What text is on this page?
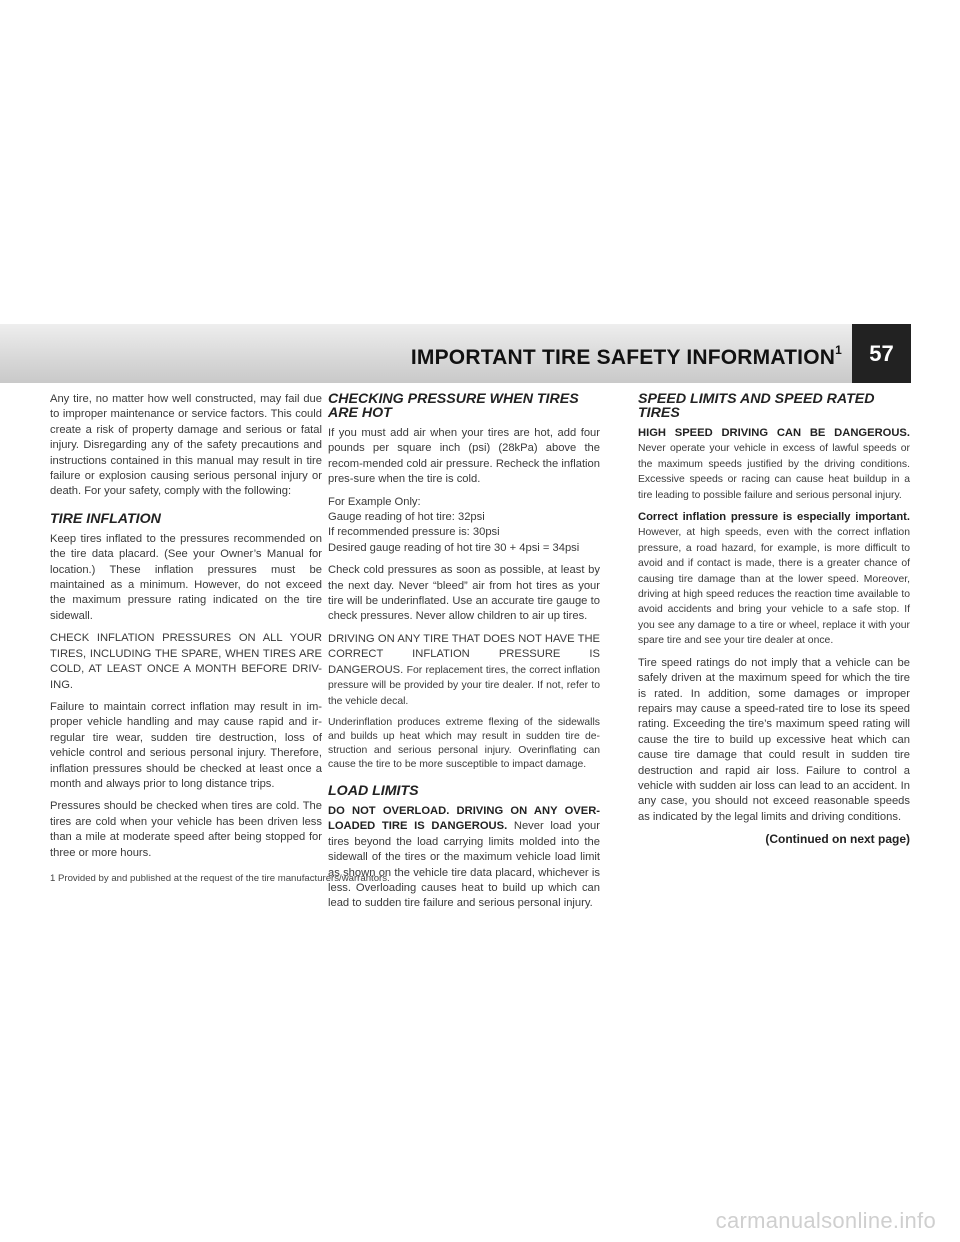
IMPORTANT TIRE SAFETY INFORMATION$^1$	57

Any tire, no matter how well constructed, may fail due to improper maintenance or service factors. This could create a risk of property damage and serious or fatal injury. Disregarding any of the safety precautions and instructions contained in this manual may result in tire failure or explosion causing serious personal injury or death. For your safety, comply with the following:

TIRE INFLATION

Keep tires inflated to the pressures recommended on the tire data placard. (See your Owner’s Manual for location.) These inflation pressures must be maintained as a minimum. However, do not exceed the maximum pressure rating indicated on the tire sidewall.

CHECK INFLATION PRESSURES ON ALL YOUR TIRES, INCLUDING THE SPARE, WHEN TIRES ARE COLD, AT LEAST ONCE A MONTH BEFORE DRIV-ING.

Failure to maintain correct inflation may result in im-proper vehicle handling and may cause rapid and ir-regular tire wear, sudden tire destruction, loss of vehicle control and serious personal injury. Therefore, inflation pressures should be checked at least once a month and always prior to long distance trips.

Pressures should be checked when tires are cold. The tires are cold when your vehicle has been driven less than a mile at moderate speed after being stopped for three or more hours.

CHECKING PRESSURE WHEN TIRES ARE HOT

If you must add air when your tires are hot, add four pounds per square inch (psi) (28kPa) above the recom-mended cold air pressure. Recheck the inflation pres-sure when the tire is cold.

For Example Only:
Gauge reading of hot tire: 32psi
If recommended pressure is: 30psi
Desired gauge reading of hot tire 30 + 4psi = 34psi

Check cold pressures as soon as possible, at least by the next day. Never “bleed” air from hot tires as your tire will be underinflated. Use an accurate tire gauge to check pressures. Never allow children to air up tires.

DRIVING ON ANY TIRE THAT DOES NOT HAVE THE CORRECT INFLATION PRESSURE IS DANGEROUS. For replacement tires, the correct inflation pressure will be provided by your tire dealer. If not, refer to the vehicle decal.

Underinflation produces extreme flexing of the sidewalls and builds up heat which may result in sudden tire de-struction and serious personal injury. Overinflating can cause the tire to be more susceptible to impact damage.

LOAD LIMITS

DO NOT OVERLOAD. DRIVING ON ANY OVER-LOADED TIRE IS DANGEROUS. Never load your tires beyond the load carrying limits molded into the sidewall of the tires or the maximum vehicle load limit as shown on the vehicle tire data placard, whichever is less. Overloading causes heat to build up which can lead to sudden tire failure and serious personal injury.

SPEED LIMITS AND SPEED RATED TIRES

HIGH SPEED DRIVING CAN BE DANGEROUS. Never operate your vehicle in excess of lawful speeds or the maximum speeds justified by the driving conditions. Excessive speeds or racing can cause heat buildup in a tire leading to possible failure and serious personal injury.

Correct inflation pressure is especially important. However, at high speeds, even with the correct inflation pressure, a road hazard, for example, is more difficult to avoid and if contact is made, there is a greater chance of causing tire damage than at the lower speed. Moreover, driving at high speed reduces the reaction time available to avoid accidents and bring your vehicle to a safe stop. If you see any damage to a tire or wheel, replace it with your spare tire and see your tire dealer at once.

Tire speed ratings do not imply that a vehicle can be safely driven at the maximum speed for which the tire is rated. In addition, some damages or improper repairs may cause a speed-rated tire to lose its speed rating. Exceeding the tire’s maximum speed rating will cause the tire to build up excessive heat which can cause tire damage that could result in sudden tire destruction and rapid air loss. Failure to control a vehicle with sudden air loss can lead to an accident. In any case, you should not exceed reasonable speeds as indicated by the legal limits and driving conditions.

(Continued on next page)
1 Provided by and published at the request of the tire manufacturers/warrantors.
carmanualsonline.info
